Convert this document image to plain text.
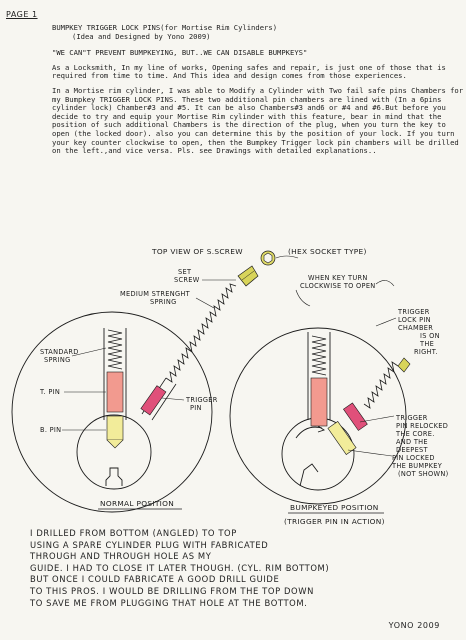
PAGE 1

BUMPKEY TRIGGER LOCK PINS(for Mortise Rim Cylinders)

(Idea and Designed by Yono 2009)

"WE CAN"T PREVENT BUMPKEYING, BUT..WE CAN DISABLE BUMPKEYS"

As a Locksmith, In my line of works, Opening safes and repair, is just one of those that is required from time to time. And This idea and design comes from those experiences.

In a Mortise rim cylinder, I was able to Modify a Cylinder with Two fail safe pins Chambers for my Bumpkey TRIGGER LOCK PINS. These two additional pin chambers are lined with (In a 6pins cylinder lock) Chamber#3 and #5. It can be also Chambers#3 and6 or #4 and #6.But before you decide to try and equip your Mortise Rim cylinder with this feature, bear in mind that the position of such additional Chambers is the direction of the plug, when you turn the key to open (the locked door). also you can determine this by the position of your lock. If you turn your key counter clockwise to open, then the Bumpkey Trigger lock pin chambers will be drilled on the left.,and vice versa. Pls. see Drawings with detailed explanations..

TOP VIEW OF S.SCREW	(HEX SOCKET TYPE)
SET
SCREW
MEDIUM STRENGHT
SPRING
STANDARD
SPRING
T. PIN
B. PIN
TRIGGER
PIN
NORMAL POSITION
WHEN KEY TURN
CLOCKWISE TO OPEN
TRIGGER
LOCK PIN
CHAMBER
IS ON
THE
RIGHT.
TRIGGER
PIN RELOCKED
THE CORE.
AND THE
DEEPEST
PIN LOCKED
THE BUMPKEY
(NOT SHOWN)
BUMPKEYED POSITION
(TRIGGER PIN IN ACTION)
I DRILLED FROM BOTTOM (ANGLED) TO TOP
USING A SPARE CYLINDER PLUG WITH FABRICATED
THROUGH AND THROUGH HOLE AS MY
GUIDE. I HAD TO CLOSE IT LATER THOUGH. (CYL. RIM BOTTOM)
BUT ONCE I COULD FABRICATE A GOOD DRILL GUIDE
TO THIS PROS. I WOULD BE DRILLING FROM THE TOP DOWN
TO SAVE ME FROM PLUGGING THAT HOLE AT THE BOTTOM.
YONO 2009
